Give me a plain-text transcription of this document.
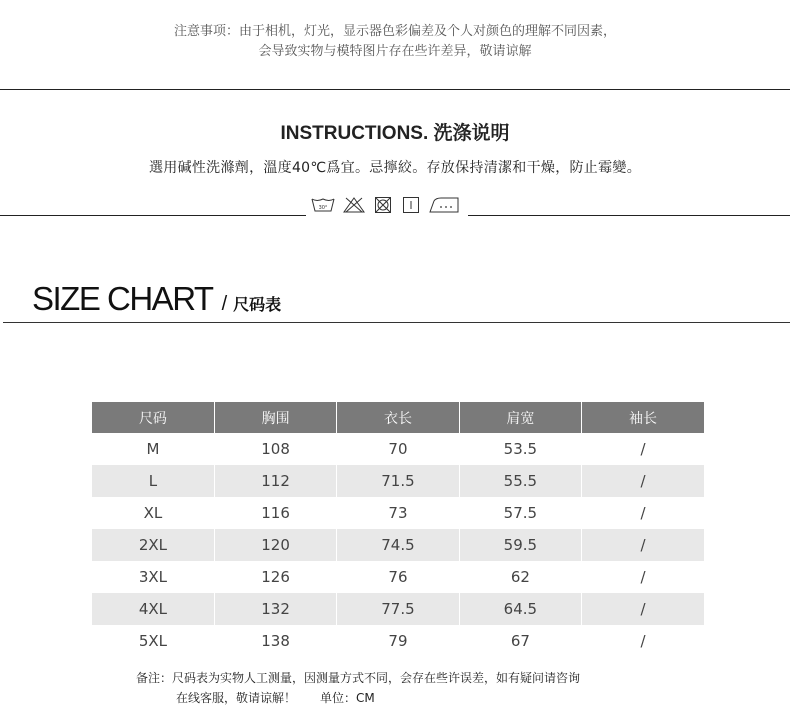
注意事项：由于相机，灯光，显示器色彩偏差及个人对颜色的理解不同因素，
会导致实物与模特图片存在些许差异，敬请谅解
INSTRUCTIONS. 洗涤说明
選用碱性洗滌劑，溫度40℃爲宜。忌擰絞。存放保持清潔和干燥，防止霉變。
30°
SIZE CHART / 尺码表
尺码	胸围	衣长	肩宽	袖长
M	108	70	53.5	/
L	112	71.5	55.5	/
XL	116	73	57.5	/
2XL	120	74.5	59.5	/
3XL	126	76	62	/
4XL	132	77.5	64.5	/
5XL	138	79	67	/
备注：尺码表为实物人工测量，因测量方式不同，会存在些许误差，如有疑问请咨询
在线客服，敬请谅解！　　单位：CM
